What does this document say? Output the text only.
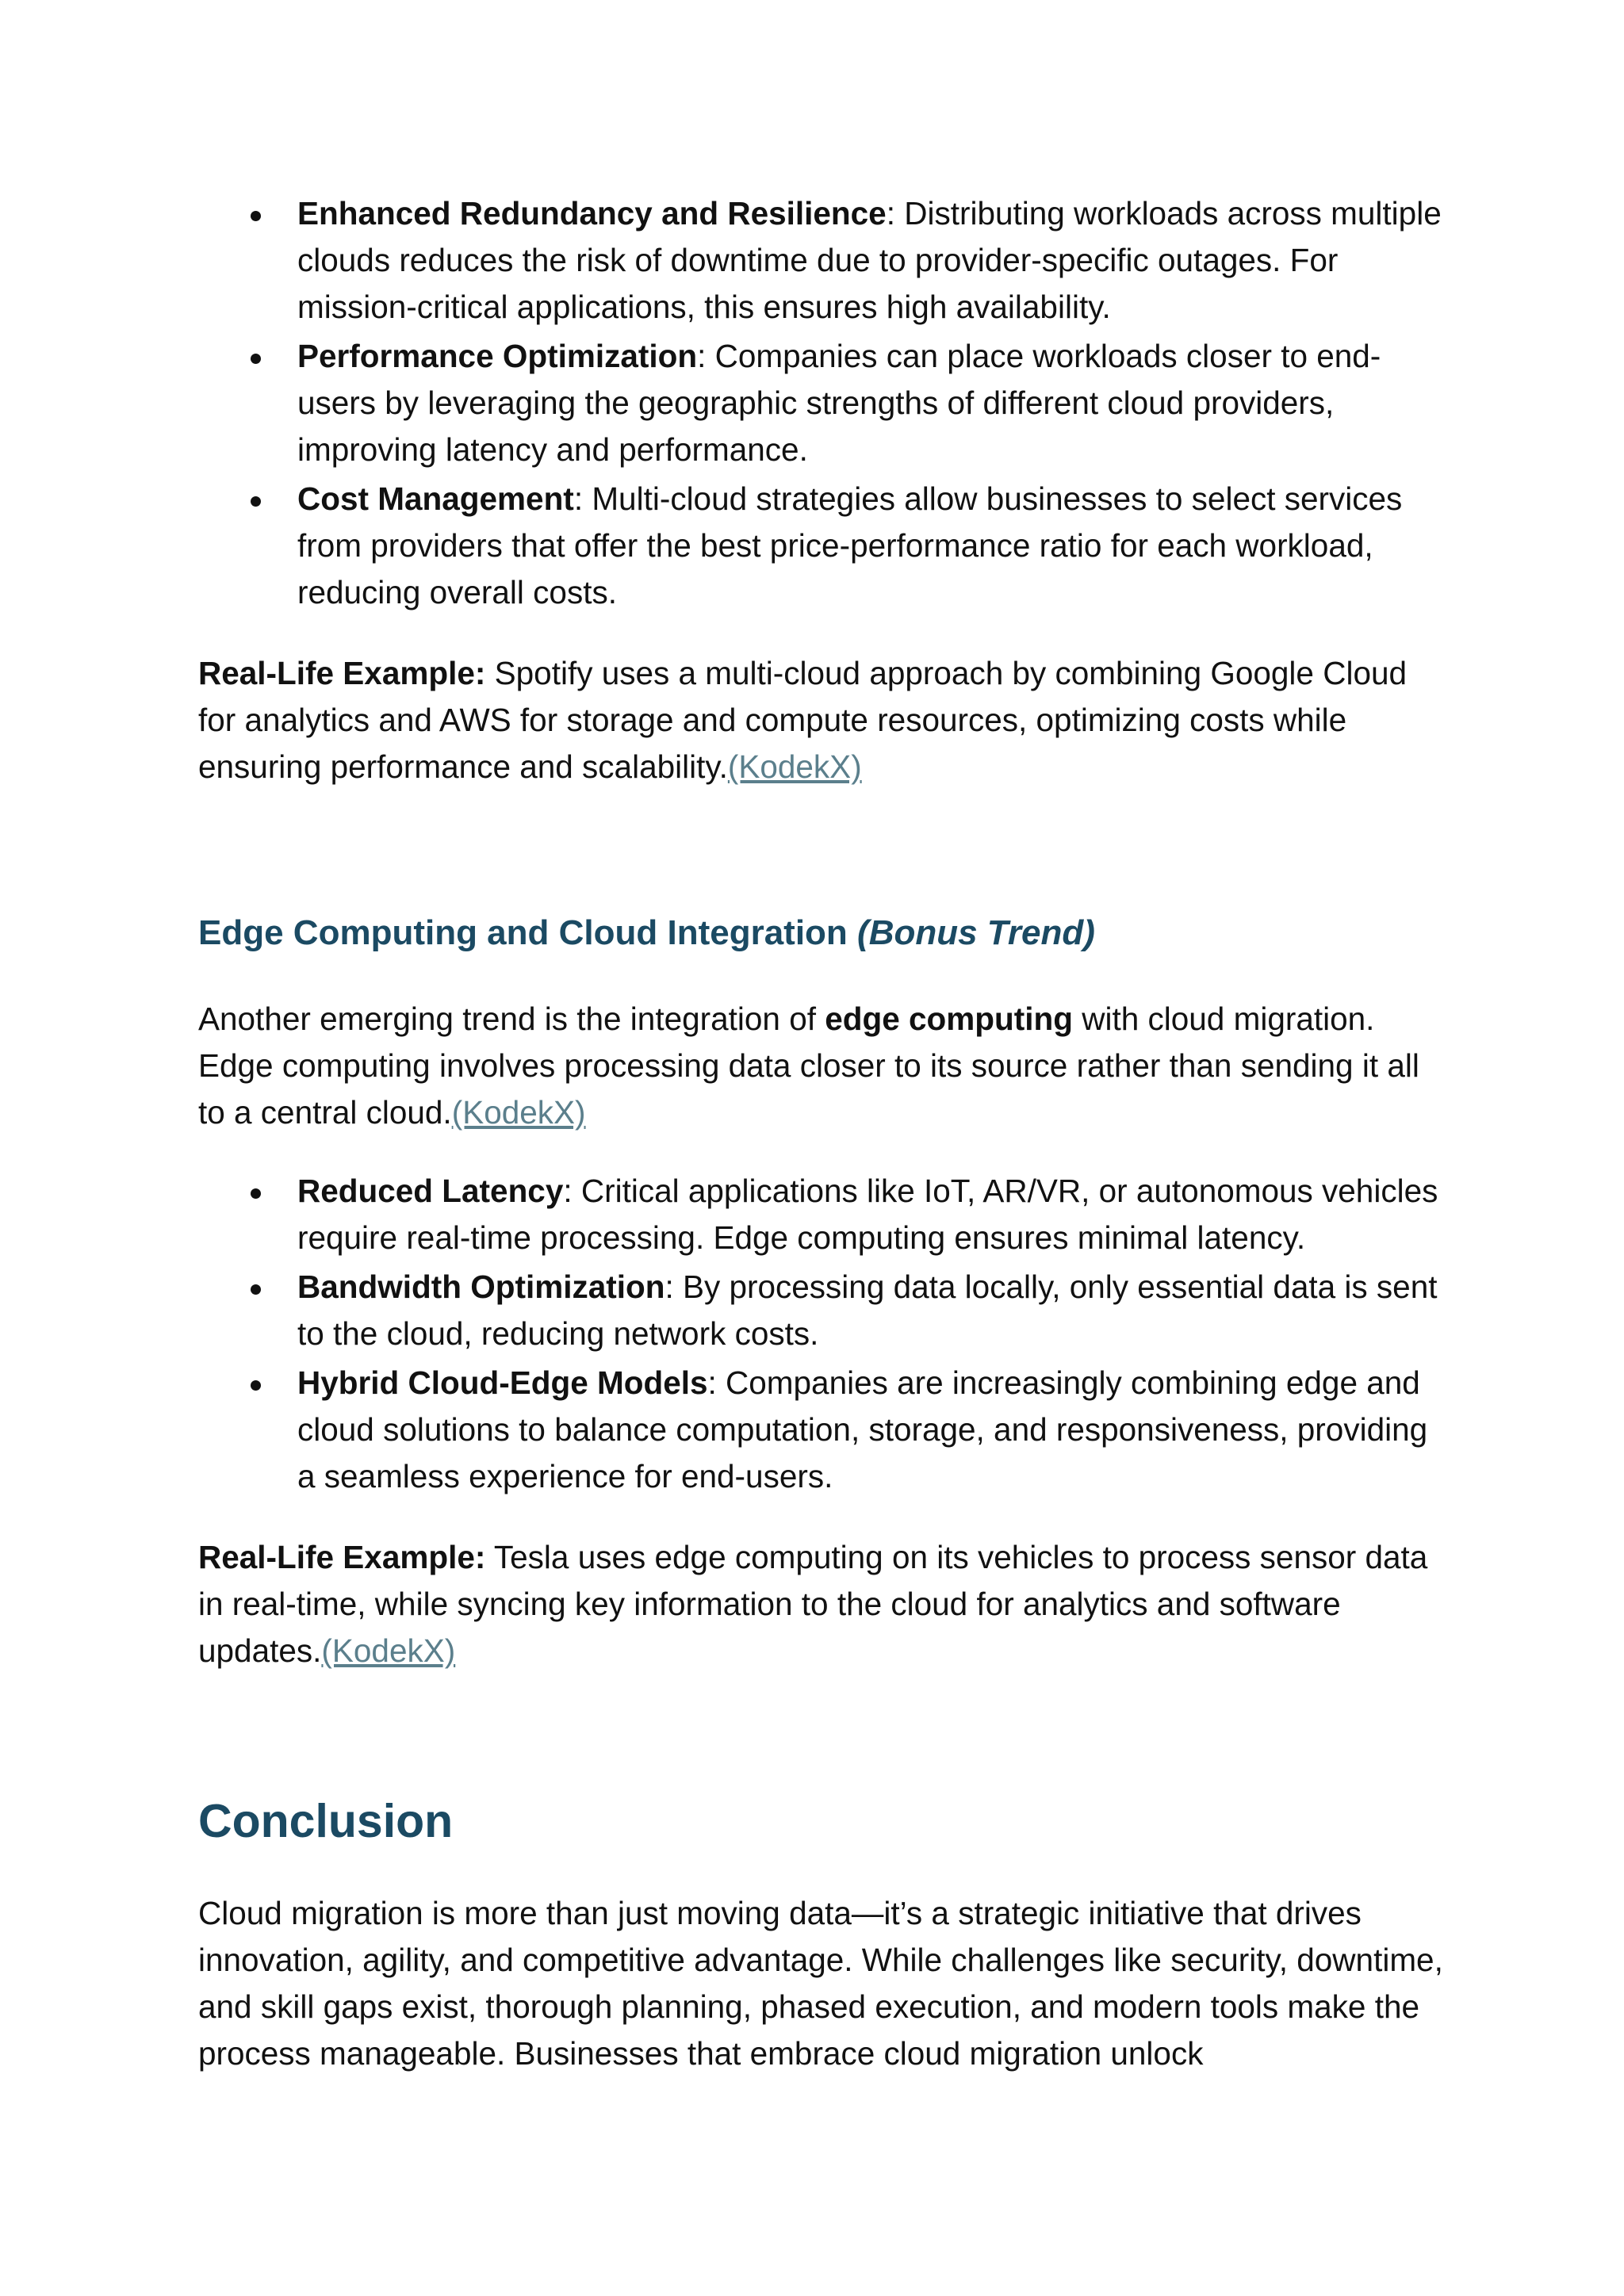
Enhanced Redundancy and Resilience: Distributing workloads across multiple clouds reduces the risk of downtime due to provider-specific outages. For mission-critical applications, this ensures high availability.
Performance Optimization: Companies can place workloads closer to end-users by leveraging the geographic strengths of different cloud providers, improving latency and performance.
Cost Management: Multi-cloud strategies allow businesses to select services from providers that offer the best price-performance ratio for each workload, reducing overall costs.

Real-Life Example: Spotify uses a multi-cloud approach by combining Google Cloud for analytics and AWS for storage and compute resources, optimizing costs while ensuring performance and scalability.(KodekX)

Edge Computing and Cloud Integration (Bonus Trend)

Another emerging trend is the integration of edge computing with cloud migration. Edge computing involves processing data closer to its source rather than sending it all to a central cloud.(KodekX)

Reduced Latency: Critical applications like IoT, AR/VR, or autonomous vehicles require real-time processing. Edge computing ensures minimal latency.
Bandwidth Optimization: By processing data locally, only essential data is sent to the cloud, reducing network costs.
Hybrid Cloud-Edge Models: Companies are increasingly combining edge and cloud solutions to balance computation, storage, and responsiveness, providing a seamless experience for end-users.

Real-Life Example: Tesla uses edge computing on its vehicles to process sensor data in real-time, while syncing key information to the cloud for analytics and software updates.(KodekX)

Conclusion

Cloud migration is more than just moving data—it’s a strategic initiative that drives innovation, agility, and competitive advantage. While challenges like security, downtime, and skill gaps exist, thorough planning, phased execution, and modern tools make the process manageable. Businesses that embrace cloud migration unlock
